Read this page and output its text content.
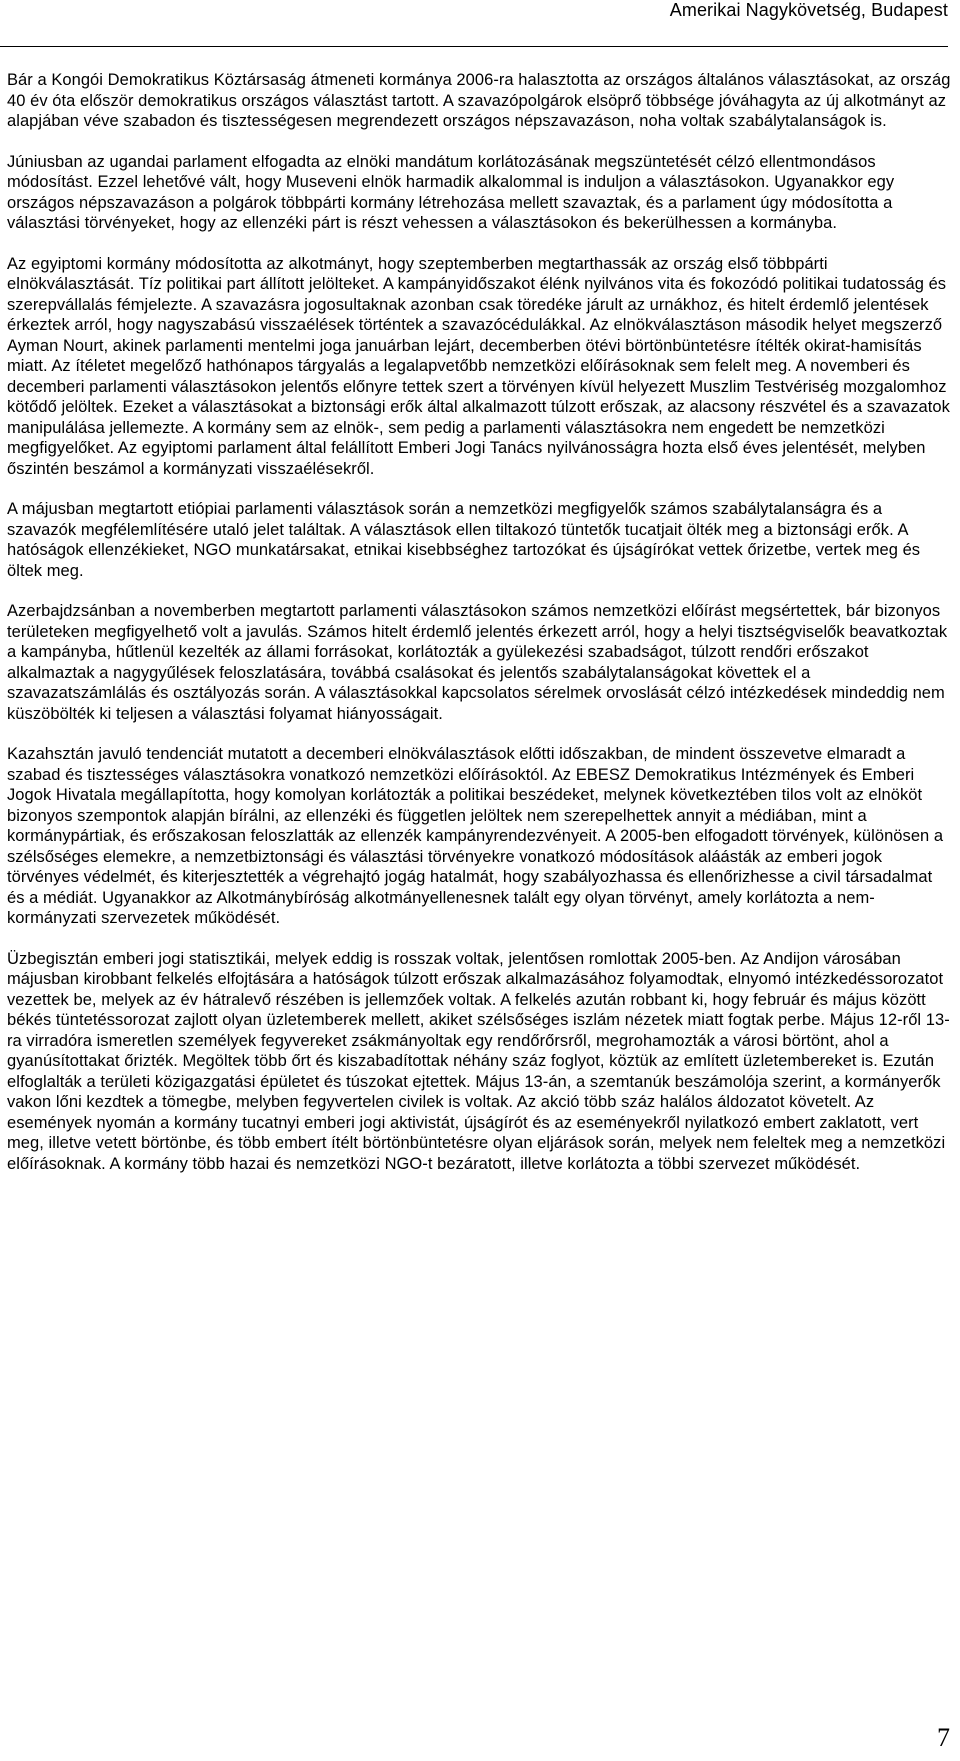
Amerikai Nagykövetség, Budapest

Bár a Kongói Demokratikus Köztársaság átmeneti kormánya 2006-ra halasztotta az országos általános választásokat, az ország 40 év óta először demokratikus országos választást tartott. A szavazópolgárok elsöprő többsége jóváhagyta az új alkotmányt az alapjában véve szabadon és tisztességesen megrendezett országos népszavazáson, noha voltak szabálytalanságok is.

Júniusban az ugandai parlament elfogadta az elnöki mandátum korlátozásának megszüntetését célzó ellentmondásos módosítást. Ezzel lehetővé vált, hogy Museveni elnök harmadik alkalommal is induljon a választásokon. Ugyanakkor egy országos népszavazáson a polgárok többpárti kormány létrehozása mellett szavaztak, és a parlament úgy módosította a választási törvényeket, hogy az ellenzéki párt is részt vehessen a választásokon és bekerülhessen a kormányba.

Az egyiptomi kormány módosította az alkotmányt, hogy szeptemberben megtarthassák az ország első többpárti elnökválasztását. Tíz politikai part állított jelölteket. A kampányidőszakot élénk nyilvános vita és fokozódó politikai tudatosság és szerepvállalás fémjelezte. A szavazásra jogosultaknak azonban csak töredéke járult az urnákhoz, és hitelt érdemlő jelentések érkeztek arról, hogy nagyszabású visszaélések történtek a szavazócédulákkal. Az elnökválasztáson második helyet megszerző Ayman Nourt, akinek parlamenti mentelmi joga januárban lejárt, decemberben ötévi börtönbüntetésre ítélték okirat-hamisítás miatt. Az ítéletet megelőző hathónapos tárgyalás a legalapvetőbb nemzetközi előírásoknak sem felelt meg. A novemberi és decemberi parlamenti választásokon jelentős előnyre tettek szert a törvényen kívül helyezett Muszlim Testvériség mozgalomhoz kötődő jelöltek. Ezeket a választásokat a biztonsági erők által alkalmazott túlzott erőszak, az alacsony részvétel és a szavazatok manipulálása jellemezte. A kormány sem az elnök-, sem pedig a parlamenti választásokra nem engedett be nemzetközi megfigyelőket. Az egyiptomi parlament által felállított Emberi Jogi Tanács nyilvánosságra hozta első éves jelentését, melyben őszintén beszámol a kormányzati visszaélésekről.

A májusban megtartott etiópiai parlamenti választások során a nemzetközi megfigyelők számos szabálytalanságra és a szavazók megfélemlítésére utaló jelet találtak. A választások ellen tiltakozó tüntetők tucatjait ölték meg a biztonsági erők. A hatóságok ellenzékieket, NGO munkatársakat, etnikai kisebbséghez tartozókat és újságírókat vettek őrizetbe, vertek meg és öltek meg.

Azerbajdzsánban a novemberben megtartott parlamenti választásokon számos nemzetközi előírást megsértettek, bár bizonyos területeken megfigyelhető volt a javulás. Számos hitelt érdemlő jelentés érkezett arról, hogy a helyi tisztségviselők beavatkoztak a kampányba, hűtlenül kezelték az állami forrásokat, korlátozták a gyülekezési szabadságot, túlzott rendőri erőszakot alkalmaztak a nagygyűlések feloszlatására, továbbá csalásokat és jelentős szabálytalanságokat követtek el a szavazatszámlálás és osztályozás során. A választásokkal kapcsolatos sérelmek orvoslását célzó intézkedések mindeddig nem küszöbölték ki teljesen a választási folyamat hiányosságait.

Kazahsztán javuló tendenciát mutatott a decemberi elnökválasztások előtti időszakban, de mindent összevetve elmaradt a szabad és tisztességes választásokra vonatkozó nemzetközi előírásoktól. Az EBESZ Demokratikus Intézmények és Emberi Jogok Hivatala megállapította, hogy komolyan korlátozták a politikai beszédeket, melynek következtében tilos volt az elnököt bizonyos szempontok alapján bírálni, az ellenzéki és független jelöltek nem szerepelhettek annyit a médiában, mint a kormánypártiak, és erőszakosan feloszlatták az ellenzék kampányrendezvényeit. A 2005-ben elfogadott törvények, különösen a szélsőséges elemekre, a nemzetbiztonsági és választási törvényekre vonatkozó módosítások aláásták az emberi jogok törvényes védelmét, és kiterjesztették a végrehajtó jogág hatalmát, hogy szabályozhassa és ellenőrizhesse a civil társadalmat és a médiát. Ugyanakkor az Alkotmánybíróság alkotmányellenesnek talált egy olyan törvényt, amely korlátozta a nem-kormányzati szervezetek működését.

Üzbegisztán emberi jogi statisztikái, melyek eddig is rosszak voltak, jelentősen romlottak 2005-ben. Az Andijon városában májusban kirobbant felkelés elfojtására a hatóságok túlzott erőszak alkalmazásához folyamodtak, elnyomó intézkedéssorozatot vezettek be, melyek az év hátralevő részében is jellemzőek voltak. A felkelés azután robbant ki, hogy február és május között békés tüntetéssorozat zajlott olyan üzletemberek mellett, akiket szélsőséges iszlám nézetek miatt fogtak perbe. Május 12-ről 13-ra virradóra ismeretlen személyek fegyvereket zsákmányoltak egy rendőrőrsről, megrohamozták a városi börtönt, ahol a gyanúsítottakat őrizték. Megöltek több őrt és kiszabadítottak néhány száz foglyot, köztük az említett üzletembereket is. Ezután elfoglalták a területi közigazgatási épületet és túszokat ejtettek. Május 13-án, a szemtanúk beszámolója szerint, a kormányerők vakon lőni kezdtek a tömegbe, melyben fegyvertelen civilek is voltak. Az akció több száz halálos áldozatot követelt. Az események nyomán a kormány tucatnyi emberi jogi aktivistát, újságírót és az eseményekről nyilatkozó embert zaklatott, vert meg, illetve vetett börtönbe, és több embert ítélt börtönbüntetésre olyan eljárások során, melyek nem feleltek meg a nemzetközi előírásoknak. A kormány több hazai és nemzetközi NGO-t bezáratott, illetve korlátozta a többi szervezet működését.

7
